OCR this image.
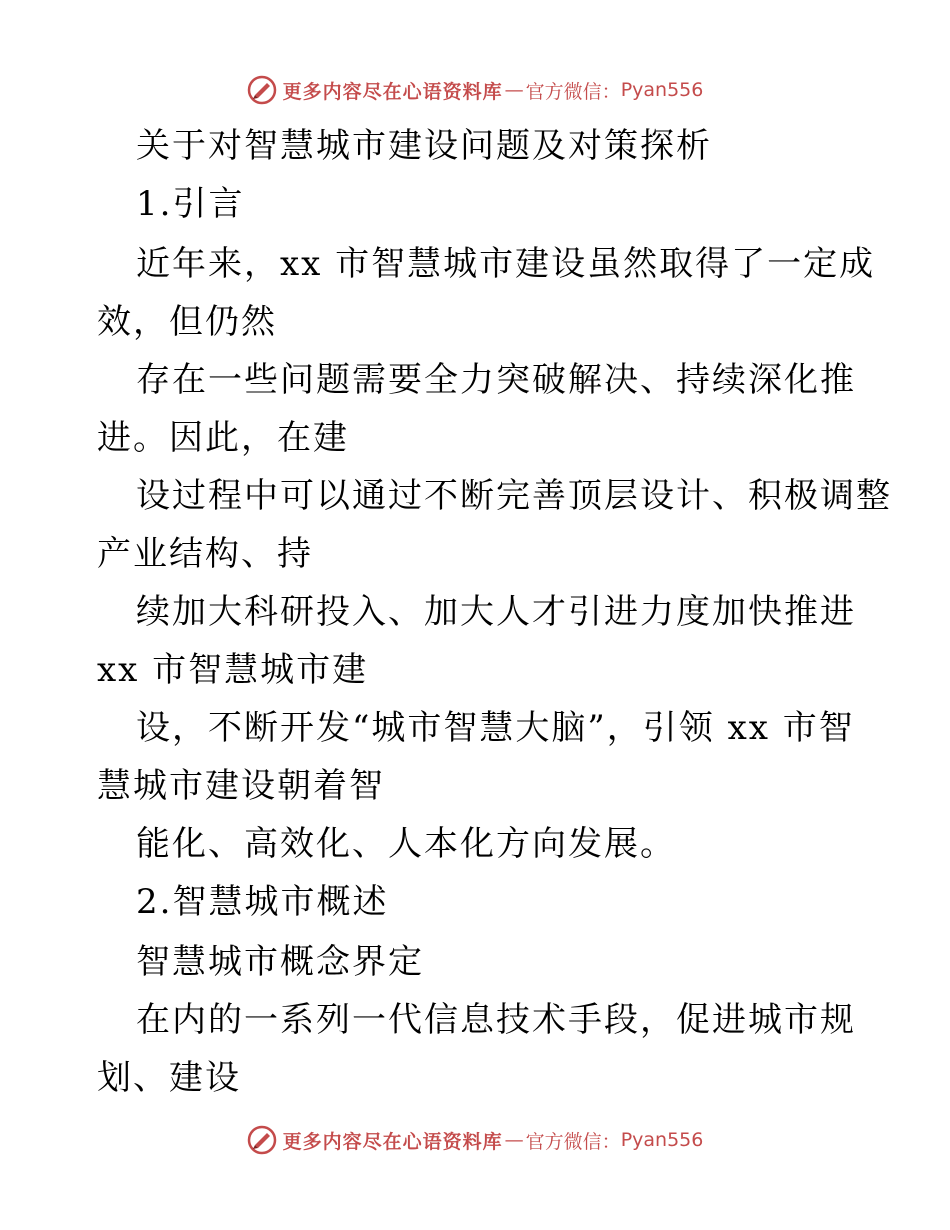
更多内容尽在心语资料库 — 官方微信： Pyan556
关于对智慧城市建设问题及对策探析
1.引言
近年来，xx 市智慧城市建设虽然取得了一定成
效，但仍然
存在一些问题需要全力突破解决、持续深化推
进。因此，在建
设过程中可以通过不断完善顶层设计、积极调整
产业结构、持
续加大科研投入、加大人才引进力度加快推进
xx 市智慧城市建
设，不断开发“城市智慧大脑”，引领 xx 市智
慧城市建设朝着智
能化、高效化、人本化方向发展。
2.智慧城市概述
智慧城市概念界定
在内的一系列一代信息技术手段，促进城市规
划、建设
更多内容尽在心语资料库 — 官方微信： Pyan556
